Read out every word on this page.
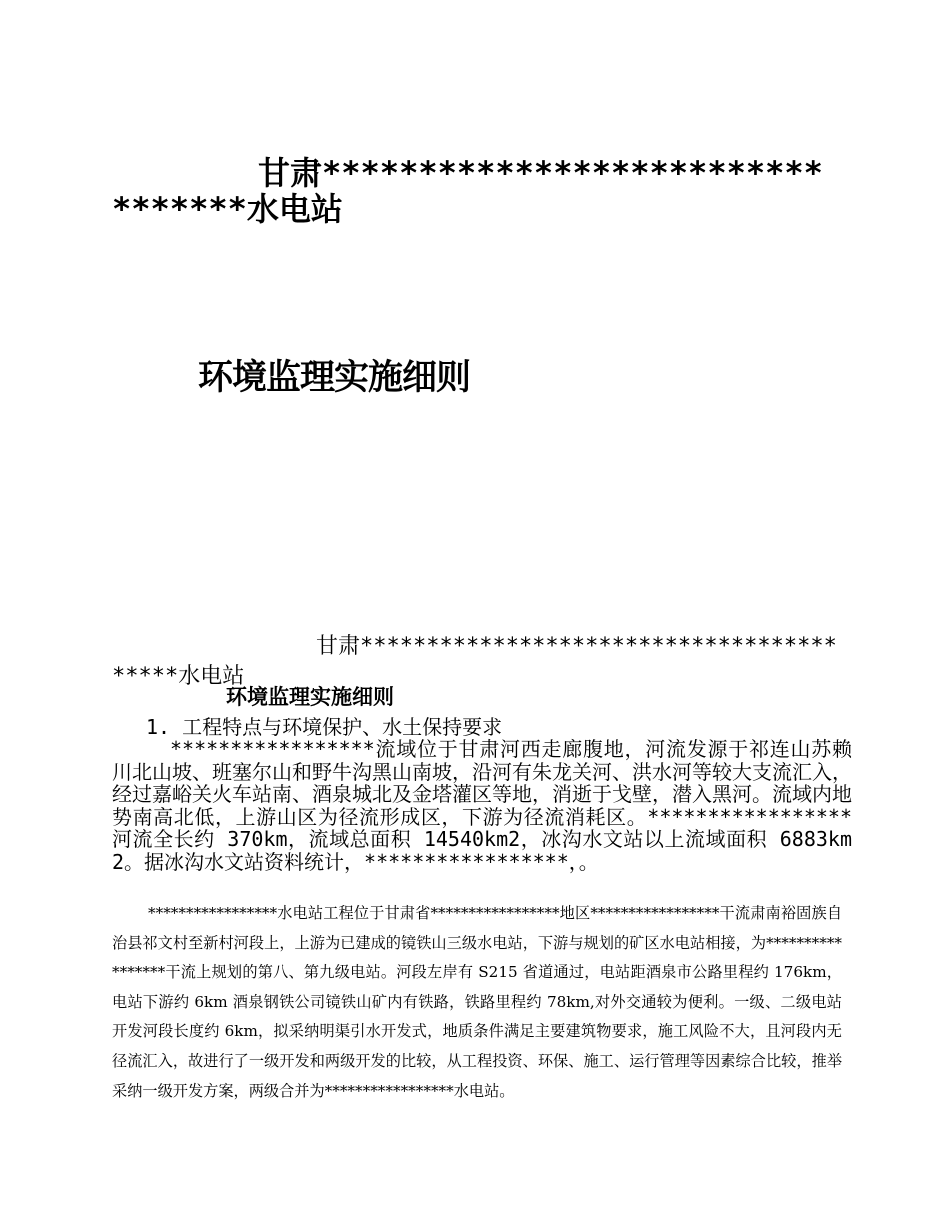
甘肃*********************************水电站
环境监理实施细则
甘肃*****************************************水电站
环境监理实施细则
1. 工程特点与环境保护、水土保持要求
*****************流域位于甘肃河西走廊腹地，河流发源于祁连山苏赖川北山坡、班塞尔山和野牛沟黑山南坡，沿河有朱龙关河、洪水河等较大支流汇入，经过嘉峪关火车站南、酒泉城北及金塔灌区等地，消逝于戈壁，潜入黑河。流域内地势南高北低，上游山区为径流形成区，下游为径流消耗区。*****************河流全长约 370km，流域总面积 14540km2，冰沟水文站以上流域面积 6883km2。据冰沟水文站资料统计，*****************，。
*****************水电站工程位于甘肃省*****************地区*****************干流肃南裕固族自治县祁文村至新村河段上，上游为已建成的镜铁山三级水电站，下游与规划的矿区水电站相接，为*****************干流上规划的第八、第九级电站。河段左岸有 S215 省道通过，电站距酒泉市公路里程约 176km，电站下游约 6km 酒泉钢铁公司镜铁山矿内有铁路，铁路里程约 78km,对外交通较为便利。一级、二级电站开发河段长度约 6km，拟采纳明渠引水开发式，地质条件满足主要建筑物要求，施工风险不大，且河段内无径流汇入，故进行了一级开发和两级开发的比较，从工程投资、环保、施工、运行管理等因素综合比较，推举采纳一级开发方案，两级合并为*****************水电站。
